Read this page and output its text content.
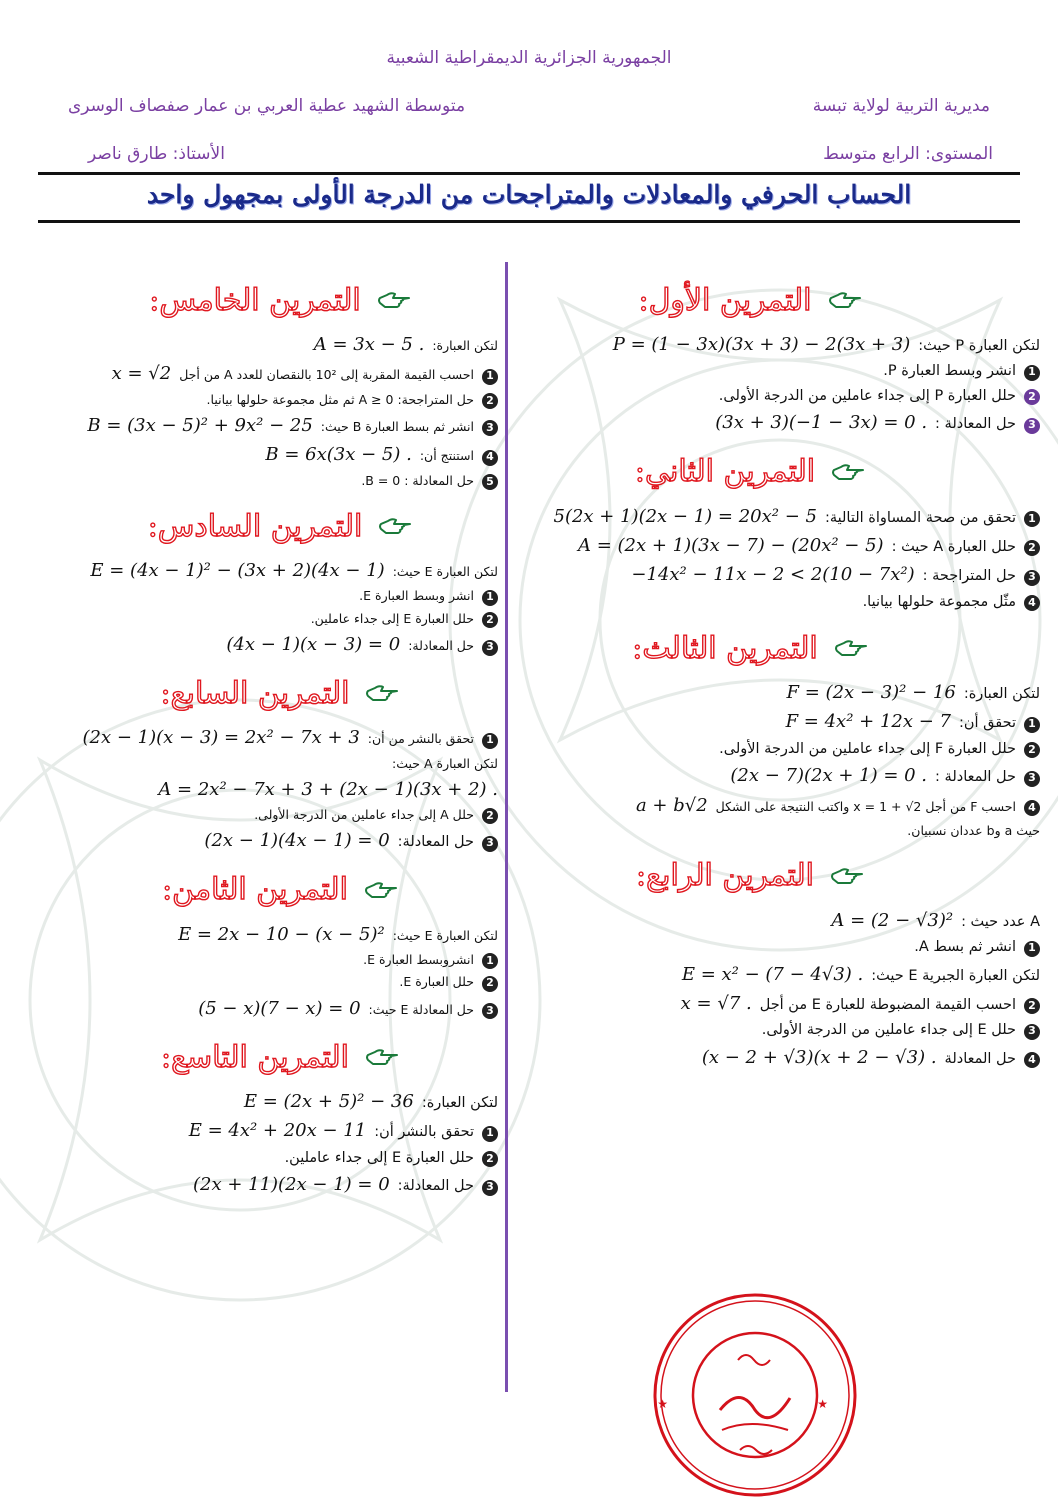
الجمهورية الجزائرية الديمقراطية الشعبية
مديرية التربية لولاية تبسة
متوسطة الشهيد عطية العربي بن عمار صفصاف الوسرى
المستوى: الرابع متوسط
الأستاذ: طارق ناصر
الحساب الحرفي والمعادلات والمتراجحات من الدرجة الأولى بمجهول واحد
التمرين الأول:
لتكن العبارة P حيث:
P = (1 − 3x)(3x + 3) − 2(3x + 3)
1
انشر وبسط العبارة P.
2
حلل العبارة P إلى جداء عاملين من الدرجة الأولى.
3
حل المعادلة :
(3x + 3)(−1 − 3x) = 0 .
التمرين الثاني:
1
تحقق من صحة المساواة التالية:
5(2x + 1)(2x − 1) = 20x² − 5
2
حلل العبارة A حيث :
A = (2x + 1)(3x − 7) − (20x² − 5)
3
حل المتراجحة :
−14x² − 11x − 2 < 2(10 − 7x²)
4
مثّل مجموعة حلولها بيانيا.
التمرين الثالث:
لتكن العبارة:
F = (2x − 3)² − 16
1
تحقق أن:
F = 4x² + 12x − 7
2
حلل العبارة F إلى جداء عاملين من الدرجة الأولى.
3
حل المعادلة :
(2x − 7)(2x + 1) = 0 .
4
احسب F من أجل x = 1 + √2 واكتب النتيجة على الشكل
a + b√2
حيث a وb عددان نسبيان.
التمرين الرابع:
A عدد حيث :
A = (2 − √3)²
1
انشر ثم بسط A.
لتكن العبارة الجبرية E حيث:
E = x² − (7 − 4√3) .
2
احسب القيمة المضبوطة للعبارة E من أجل
x = √7 .
3
حلل E إلى جداء عاملين من الدرجة الأولى.
4
حل المعادلة
(x − 2 + √3)(x + 2 − √3) .
التمرين الخامس:
لتكن العبارة:
A = 3x − 5 .
1
احسب القيمة المقربة إلى 10² بالنقصان للعدد A من أجل
x = √2
2
حل المتراجحة: A ≥ 0 ثم مثل مجموعة حلولها بيانيا.
3
انشر ثم بسط العبارة B حيث:
B = (3x − 5)² + 9x² − 25
4
استنتج أن:
B = 6x(3x − 5) .
5
حل المعادلة : B = 0.
التمرين السادس:
لتكن العبارة E حيث:
E = (4x − 1)² − (3x + 2)(4x − 1)
1
انشر وبسط العبارة E.
2
حلل العبارة E إلى جداء عاملين.
3
حل المعادلة:
(4x − 1)(x − 3) = 0
التمرين السابع:
1
تحقق بالنشر من أن:
(2x − 1)(x − 3) = 2x² − 7x + 3
لتكن العبارة A حيث:
A = 2x² − 7x + 3 + (2x − 1)(3x + 2) .
2
حلل A إلى جداء عاملين من الدرجة الأولى.
3
حل المعادلة:
(2x − 1)(4x − 1) = 0
التمرين الثامن:
لتكن العبارة E حيث:
E = 2x − 10 − (x − 5)²
1
انشروبسط العبارة E.
2
حلل العبارة E.
3
حل المعادلة E حيث:
(5 − x)(7 − x) = 0
التمرين التاسع:
لتكن العبارة:
E = (2x + 5)² − 36
1
تحقق بالنشر أن:
E = 4x² + 20x − 11
2
حلل العبارة E إلى جداء عاملين.
3
حل المعادلة:
(2x + 11)(2x − 1) = 0
★	★
